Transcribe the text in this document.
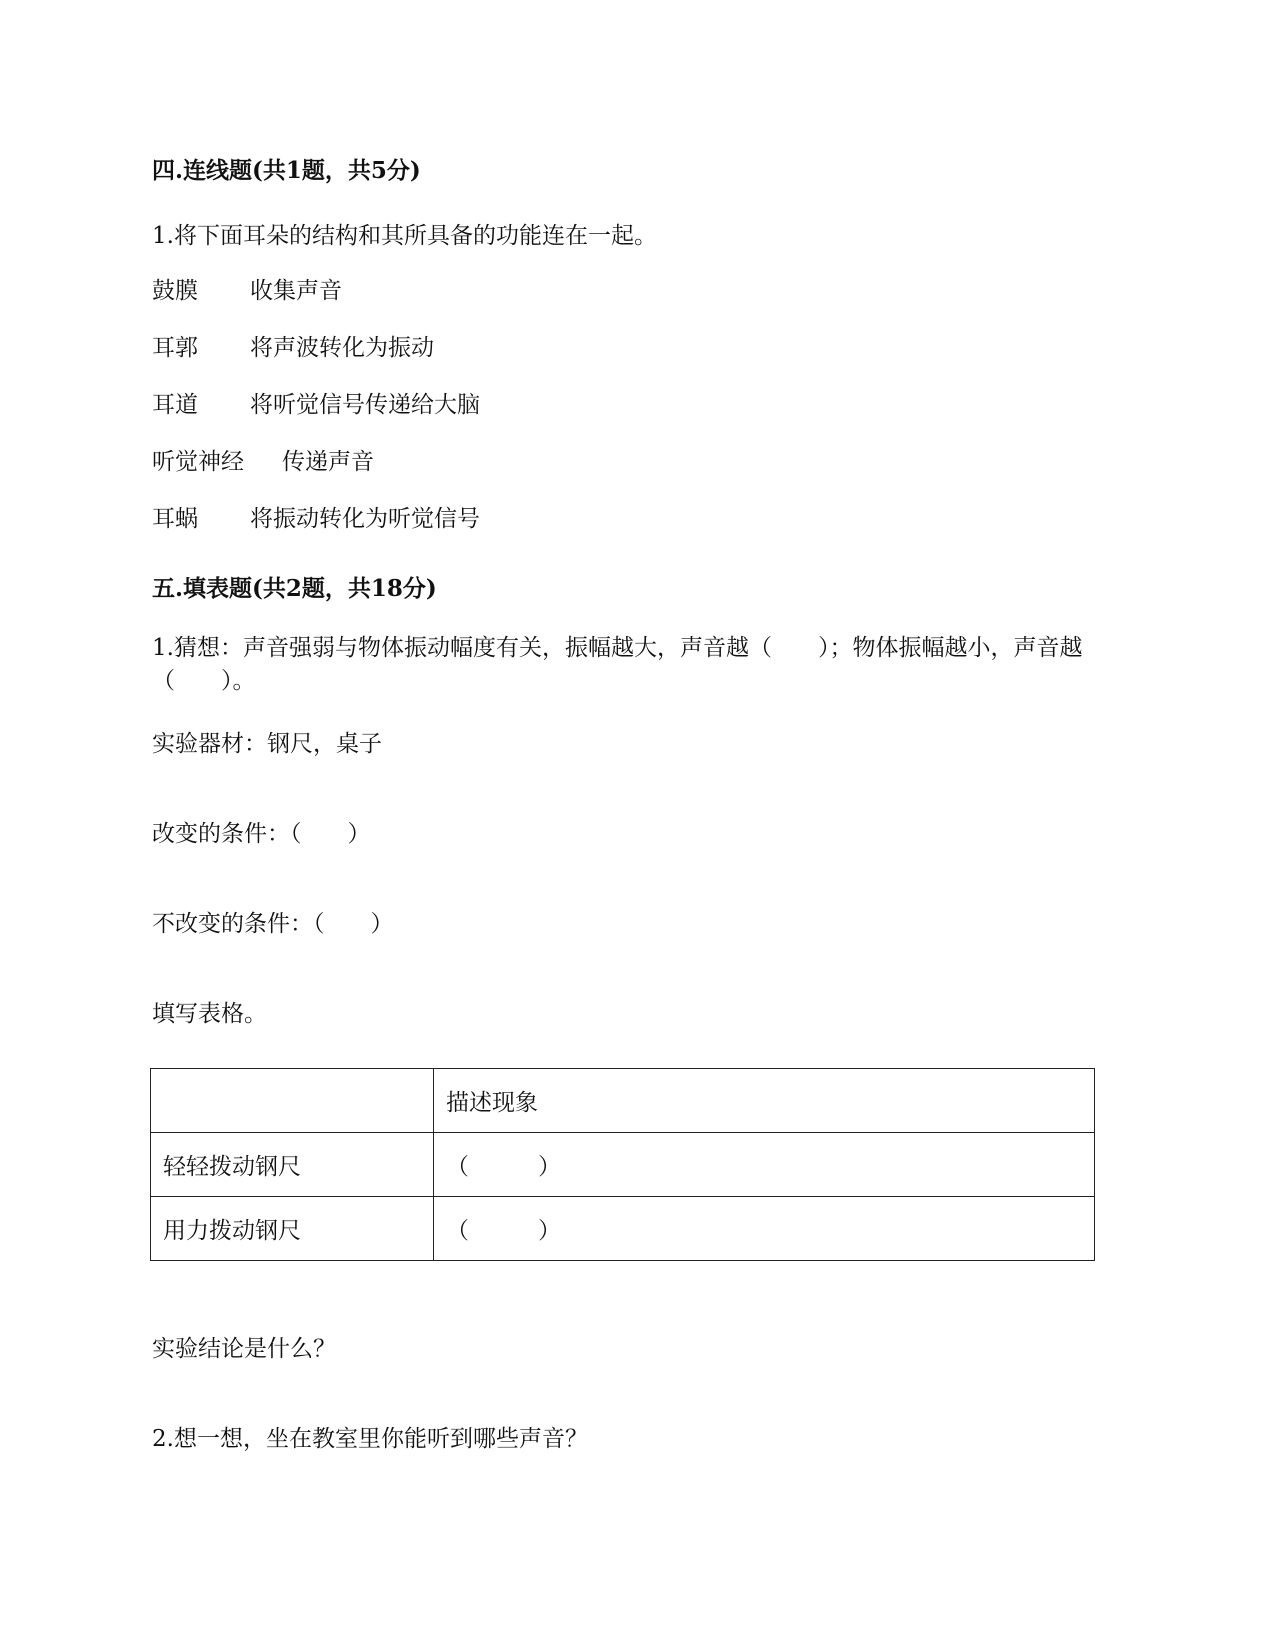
四.连线题(共1题，共5分)
1.将下面耳朵的结构和其所具备的功能连在一起。
鼓膜 收集声音
耳郭 将声波转化为振动
耳道 将听觉信号传递给大脑
听觉神经 传递声音
耳蜗 将振动转化为听觉信号
五.填表题(共2题，共18分)
1.猜想：声音强弱与物体振动幅度有关，振幅越大，声音越（　　）；物体振幅越小，声音越（　　）。
实验器材：钢尺，桌子
改变的条件：（　　）
不改变的条件：（　　）
填写表格。
	描述现象
轻轻拨动钢尺	（　　　）
用力拨动钢尺	（　　　）
实验结论是什么？
2.想一想，坐在教室里你能听到哪些声音？
